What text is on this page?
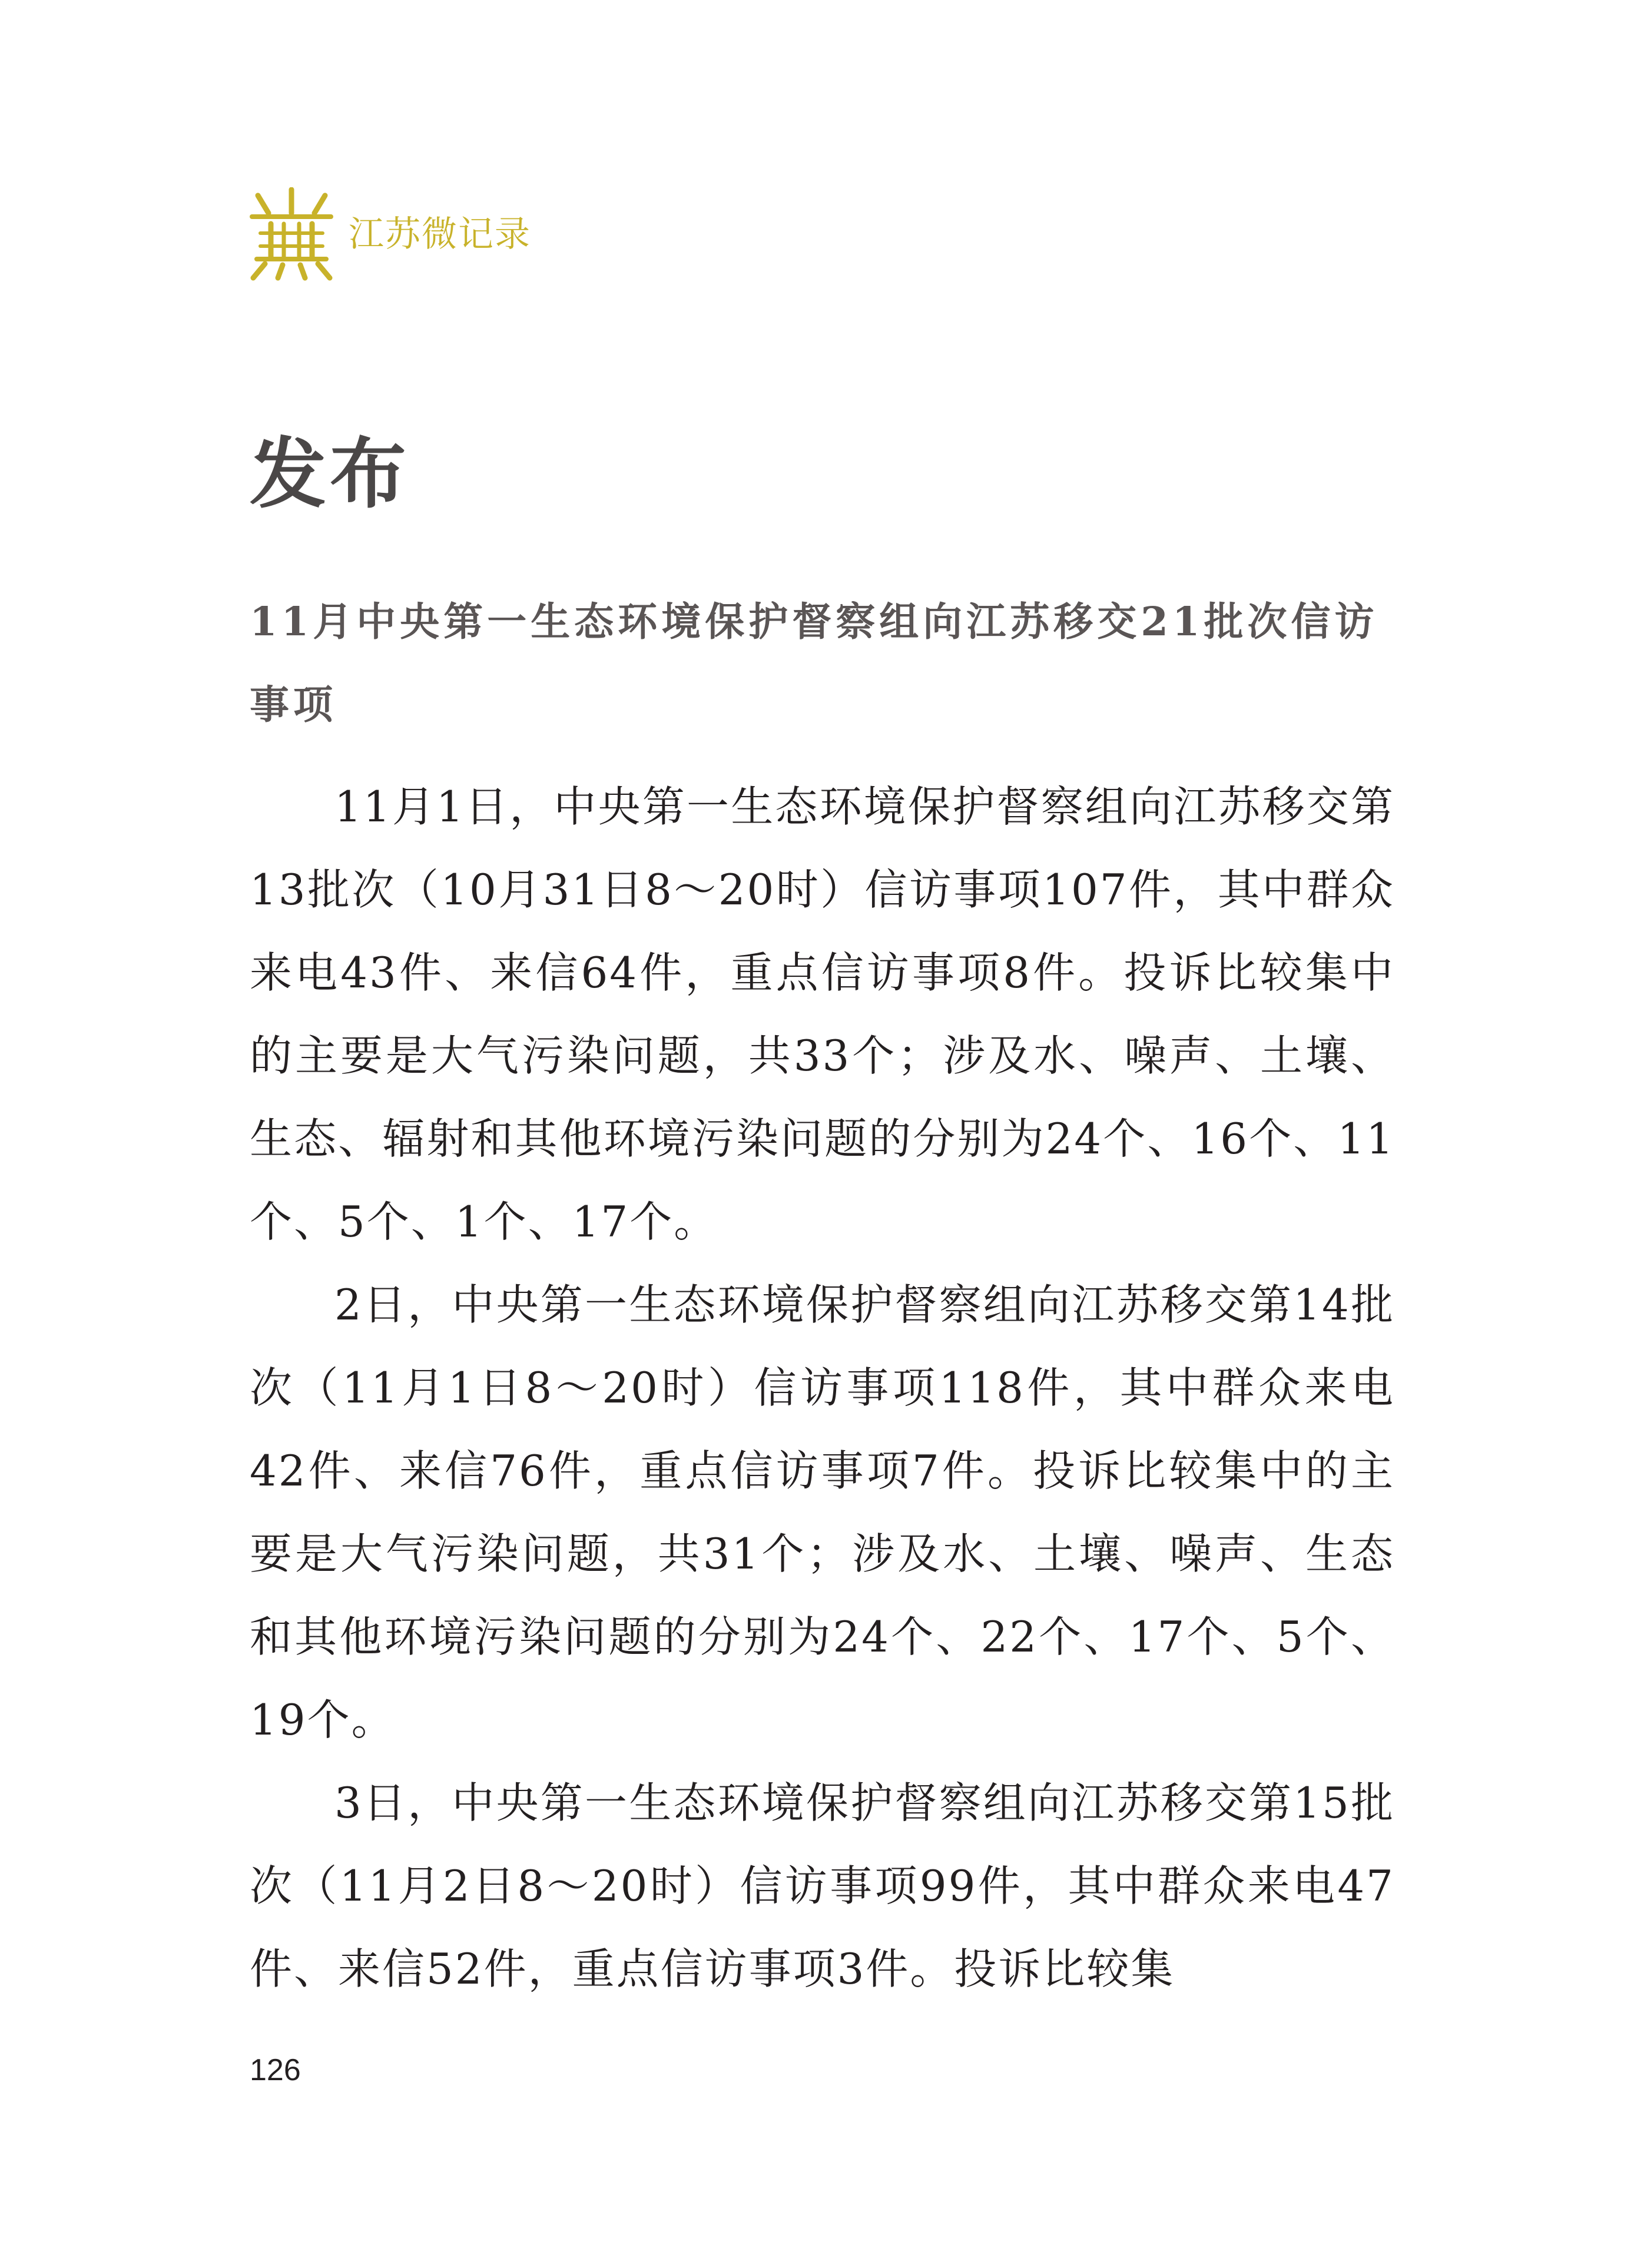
江苏微记录
发布
11月中央第一生态环境保护督察组向江苏移交21批次信访事项

11月1日，中央第一生态环境保护督察组向江苏移交第13批次（10月31日8～20时）信访事项107件，其中群众来电43件、来信64件，重点信访事项8件。投诉比较集中的主要是大气污染问题，共33个；涉及水、噪声、土壤、生态、辐射和其他环境污染问题的分别为24个、16个、11个、5个、1个、17个。

2日，中央第一生态环境保护督察组向江苏移交第14批次（11月1日8～20时）信访事项118件，其中群众来电42件、来信76件，重点信访事项7件。投诉比较集中的主要是大气污染问题，共31个；涉及水、土壤、噪声、生态和其他环境污染问题的分别为24个、22个、17个、5个、19个。

3日，中央第一生态环境保护督察组向江苏移交第15批次（11月2日8～20时）信访事项99件，其中群众来电47件、来信52件，重点信访事项3件。投诉比较集

126
